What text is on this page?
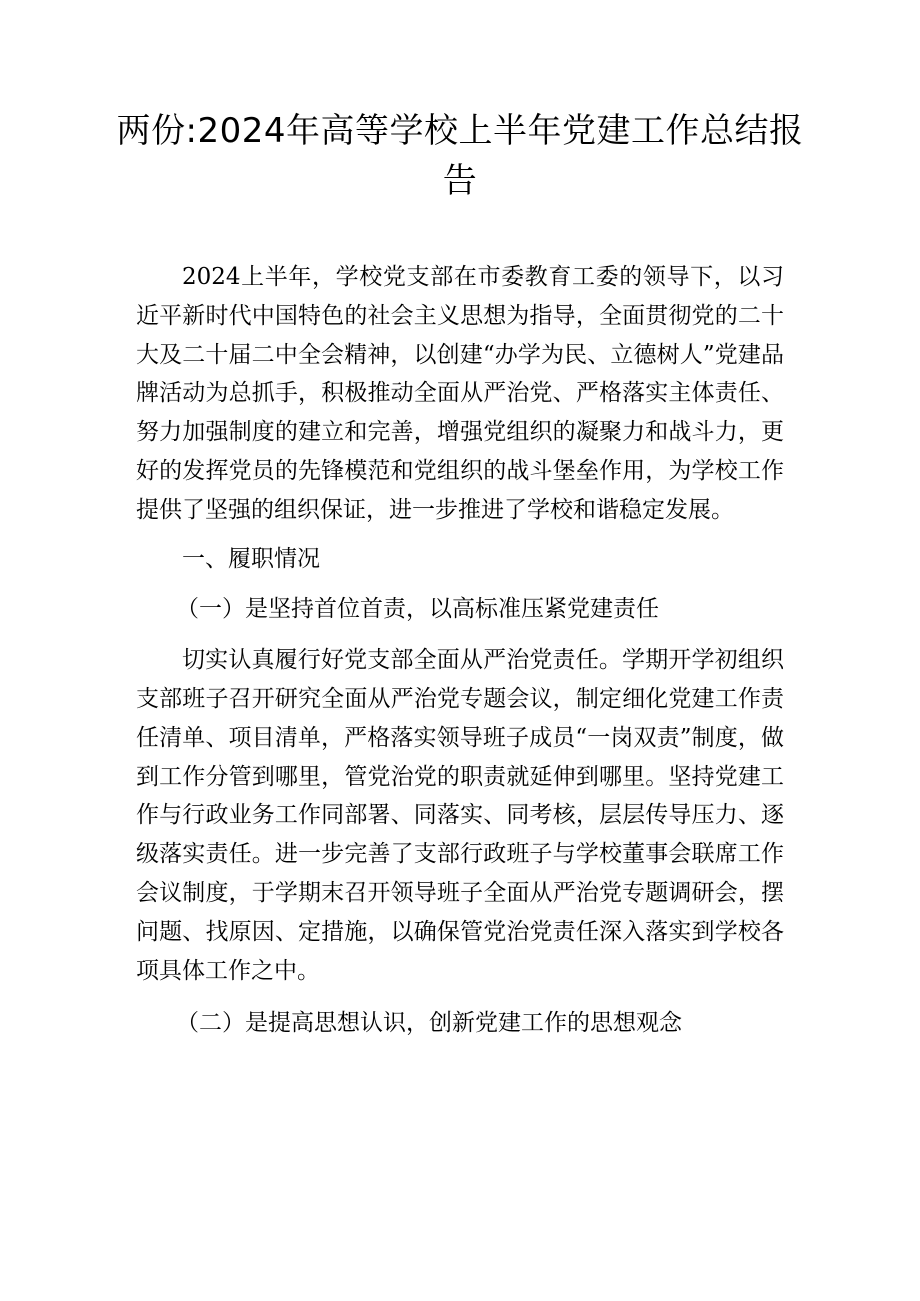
两份:2024年高等学校上半年党建工作总结报告

2024上半年，学校党支部在市委教育工委的领导下，以习近平新时代中国特色的社会主义思想为指导，全面贯彻党的二十大及二十届二中全会精神，以创建“办学为民、立德树人”党建品牌活动为总抓手，积极推动全面从严治党、严格落实主体责任、努力加强制度的建立和完善，增强党组织的凝聚力和战斗力，更好的发挥党员的先锋模范和党组织的战斗堡垒作用，为学校工作提供了坚强的组织保证，进一步推进了学校和谐稳定发展。

一、履职情况

（一）是坚持首位首责，以高标准压紧党建责任

切实认真履行好党支部全面从严治党责任。学期开学初组织支部班子召开研究全面从严治党专题会议，制定细化党建工作责任清单、项目清单，严格落实领导班子成员“一岗双责”制度，做到工作分管到哪里，管党治党的职责就延伸到哪里。坚持党建工作与行政业务工作同部署、同落实、同考核，层层传导压力、逐级落实责任。进一步完善了支部行政班子与学校董事会联席工作会议制度，于学期末召开领导班子全面从严治党专题调研会，摆问题、找原因、定措施，以确保管党治党责任深入落实到学校各项具体工作之中。

（二）是提高思想认识，创新党建工作的思想观念
